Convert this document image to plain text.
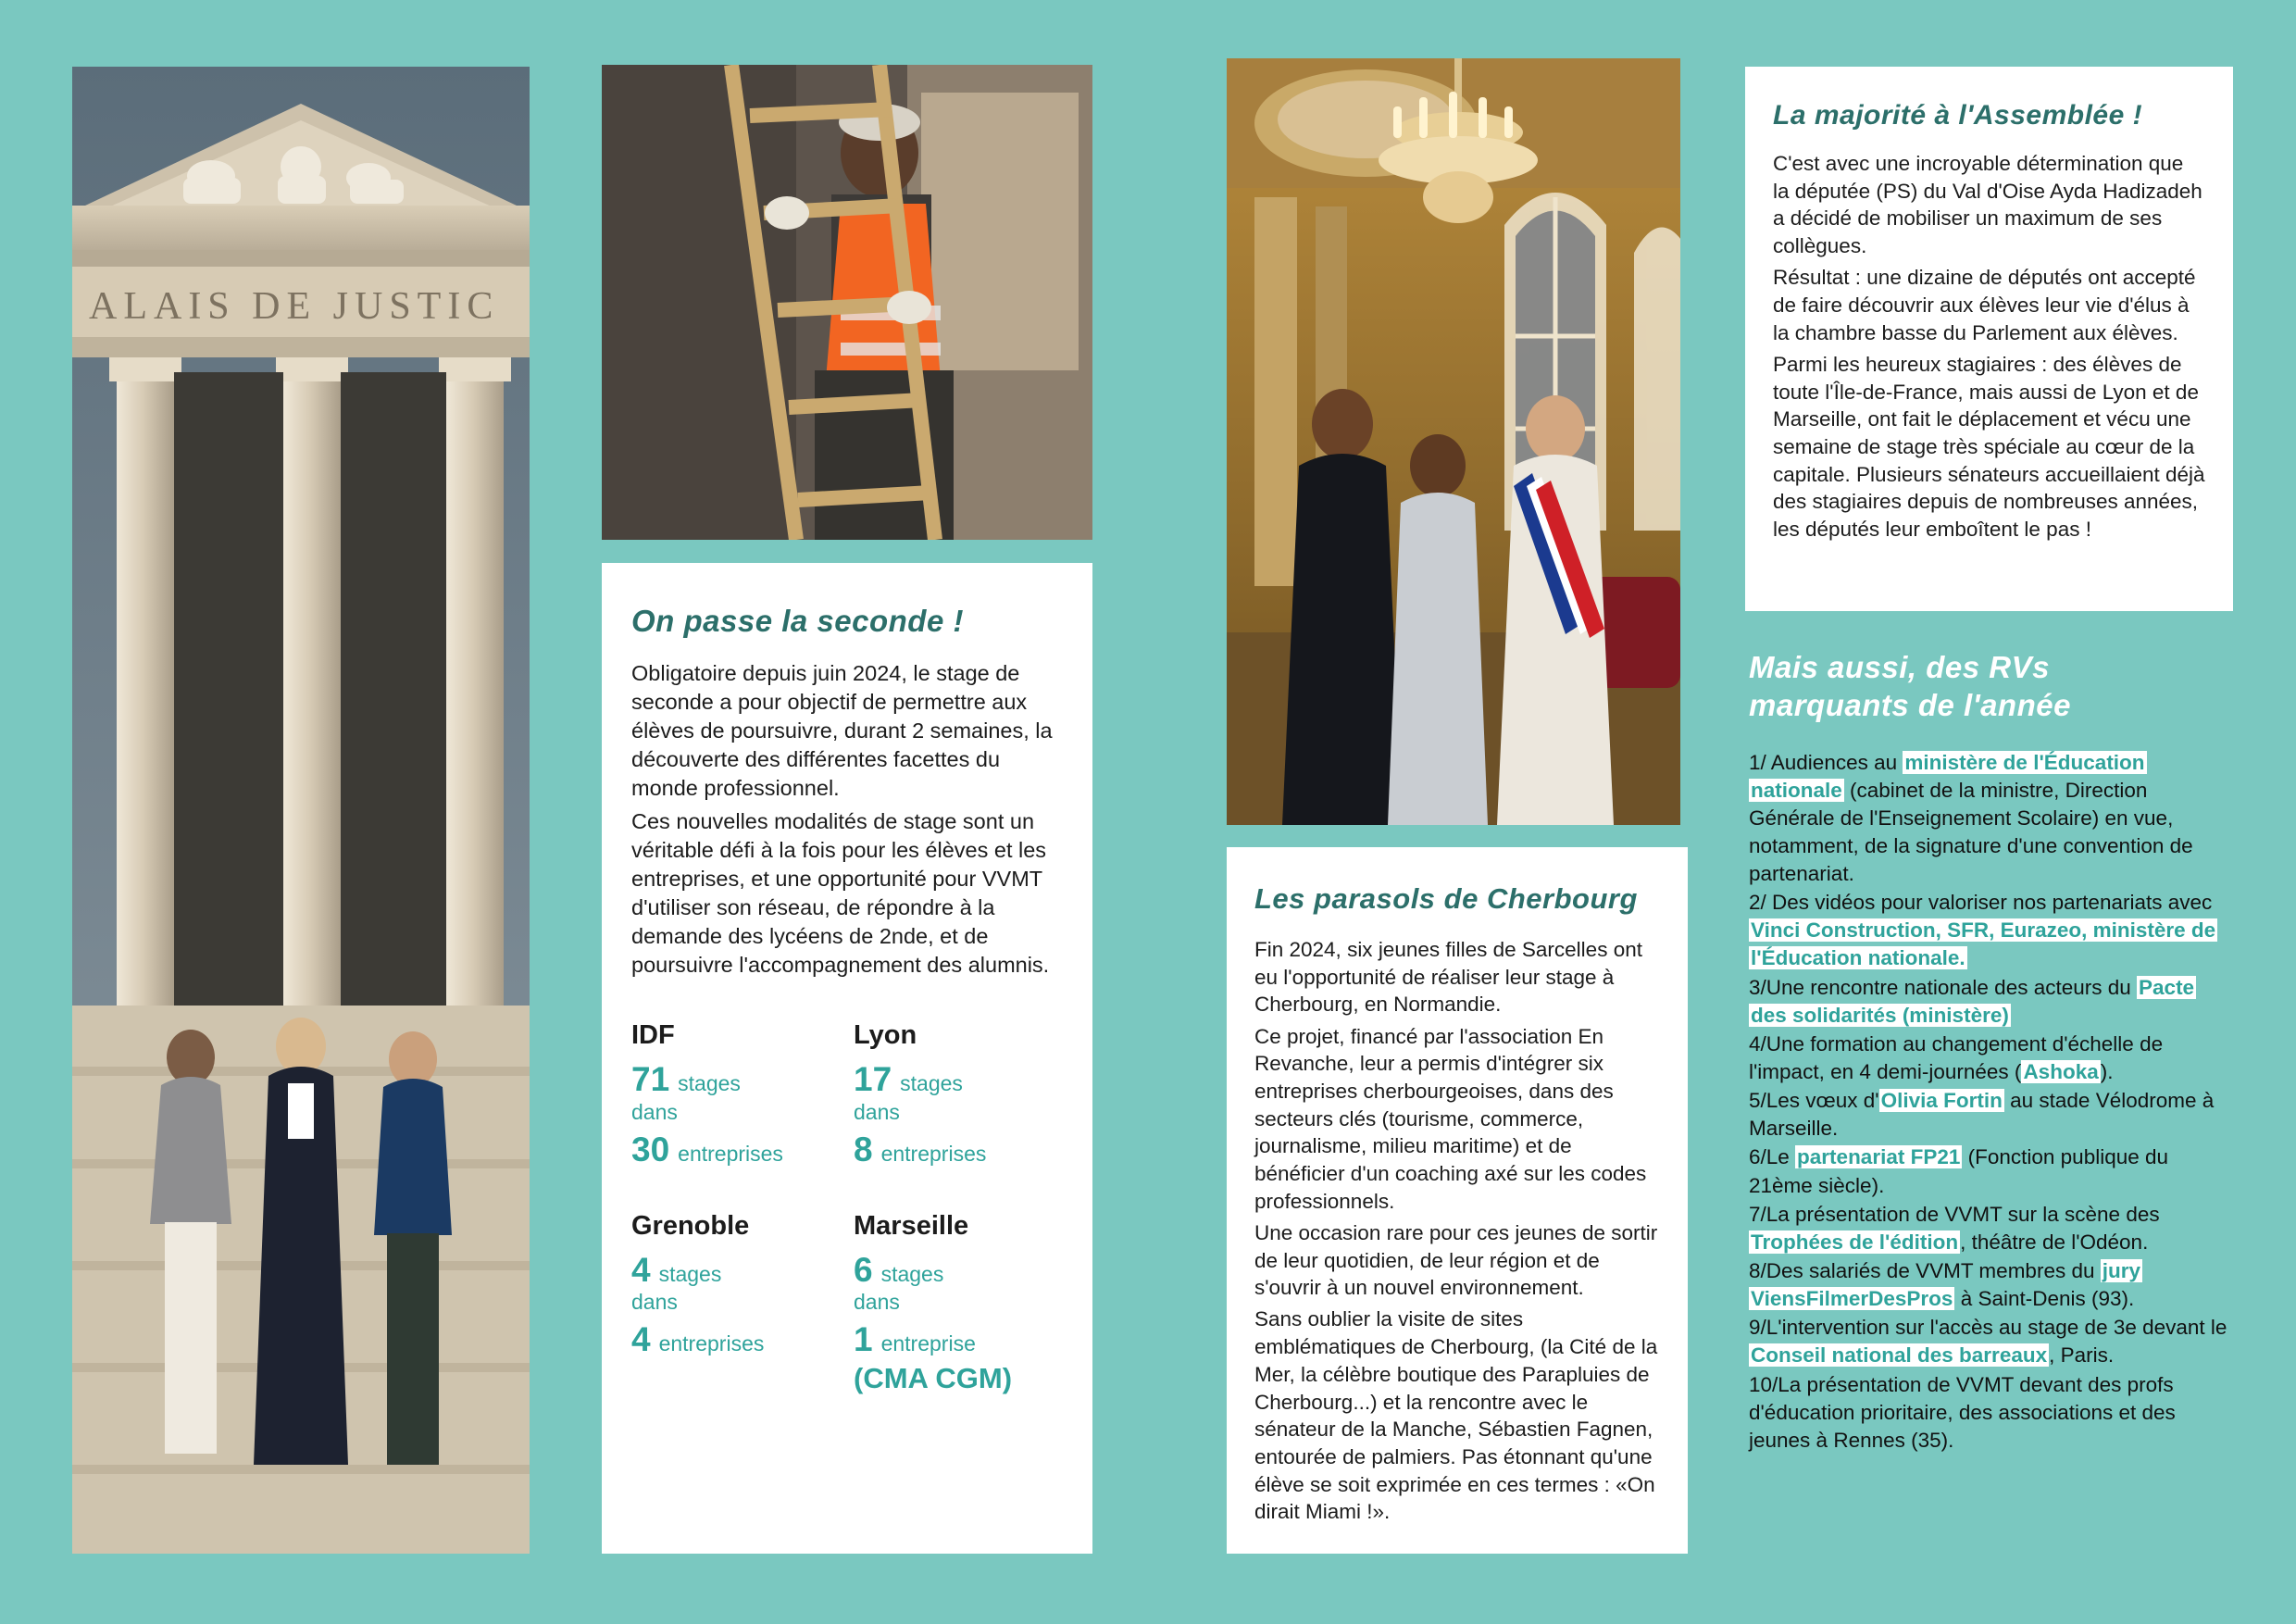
ALAIS DE JUSTIC
On passe la seconde !

Obligatoire depuis juin 2024, le stage de seconde a pour objectif de permettre aux élèves de poursuivre, durant 2 semaines, la découverte des différentes facettes du monde professionnel.

Ces nouvelles modalités de stage sont un véritable défi à la fois pour les élèves et les entreprises, et une opportunité pour VVMT d'utiliser son réseau, de répondre à la demande des lycéens de 2nde, et de poursuivre l'accompagnement des alumnis.

IDF
71 stages
dans
30 entreprises
Lyon
17 stages
dans
8 entreprises
Grenoble
4 stages
dans
4 entreprises
Marseille
6 stages
dans
1 entreprise
(CMA CGM)
Les parasols de Cherbourg

Fin 2024, six jeunes filles de Sarcelles ont eu l'opportunité de réaliser leur stage à Cherbourg, en Normandie.

Ce projet, financé par l'association En Revanche, leur a permis d'intégrer six entreprises cherbourgeoises, dans des secteurs clés (tourisme, commerce, journalisme, milieu maritime) et de bénéficier d'un coaching axé sur les codes professionnels.

Une occasion rare pour ces jeunes de sortir de leur quotidien, de leur région et de s'ouvrir à un nouvel environnement.

Sans oublier la visite de sites emblématiques de Cherbourg, (la Cité de la Mer, la célèbre boutique des Parapluies de Cherbourg...) et la rencontre avec le sénateur de la Manche, Sébastien Fagnen, entourée de palmiers. Pas étonnant qu'une élève se soit exprimée en ces termes : «On dirait Miami !».

La majorité à l'Assemblée !

C'est avec une incroyable détermination que la députée (PS) du Val d'Oise Ayda Hadizadeh a décidé de mobiliser un maximum de ses collègues.

Résultat : une dizaine de députés ont accepté de faire découvrir aux élèves leur vie d'élus à la chambre basse du Parlement aux élèves.

Parmi les heureux stagiaires : des élèves de toute l'Île-de-France, mais aussi de Lyon et de Marseille, ont fait le déplacement et vécu une semaine de stage très spéciale au cœur de la capitale. Plusieurs sénateurs accueillaient déjà des stagiaires depuis de nombreuses années, les députés leur emboîtent le pas !

Mais aussi, des RVs
marquants de l'année
1/ Audiences au ministère de l'Éducation nationale (cabinet de la ministre, Direction Générale de l'Enseignement Scolaire) en vue, notamment, de la signature d'une convention de partenariat.
2/ Des vidéos pour valoriser nos partenariats avec Vinci Construction, SFR, Eurazeo, ministère de l'Éducation nationale.
3/Une rencontre nationale des acteurs du Pacte des solidarités (ministère)
4/Une formation au changement d'échelle de l'impact, en 4 demi-journées (Ashoka).
5/Les vœux d'Olivia Fortin au stade Vélodrome à Marseille.
6/Le partenariat FP21 (Fonction publique du 21ème siècle).
7/La présentation de VVMT sur la scène des Trophées de l'édition, théâtre de l'Odéon.
8/Des salariés de VVMT membres du jury ViensFilmerDesPros à Saint-Denis (93).
9/L'intervention sur l'accès au stage de 3e devant le Conseil national des barreaux, Paris.
10/La présentation de VVMT devant des profs d'éducation prioritaire, des associations et des jeunes à Rennes (35).
